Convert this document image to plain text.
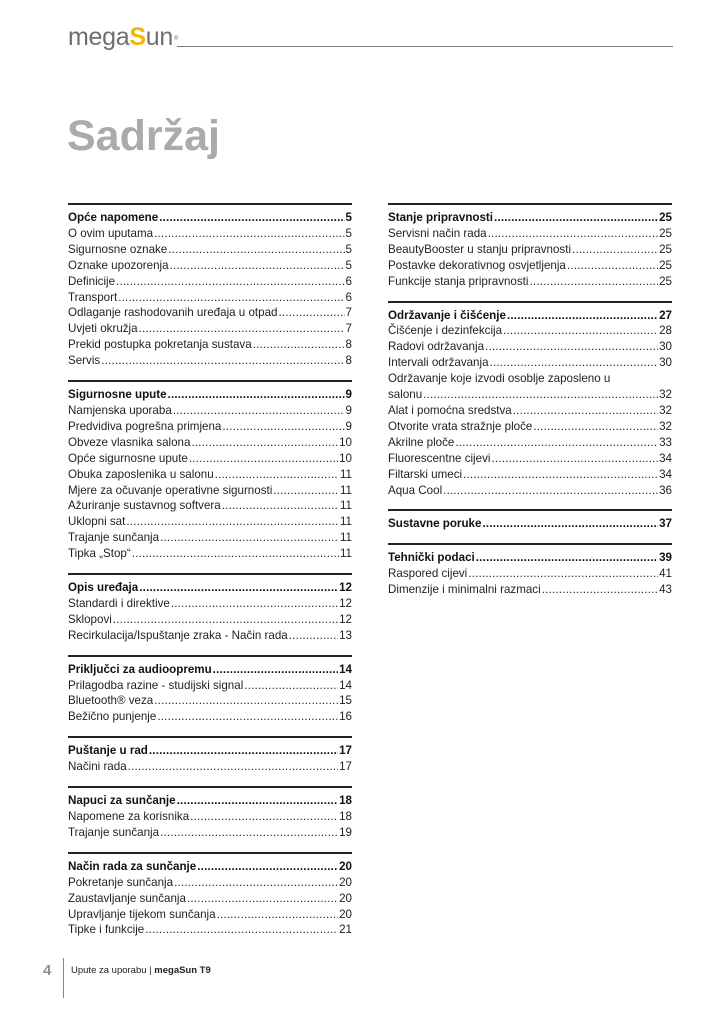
megaSun®
Sadržaj
Opće napomene .....	5
O ovim uputama .....	5
Sigurnosne oznake .....	5
Oznake upozorenja .....	5
Definicije .....	6
Transport .....	6
Odlaganje rashodovanih uređaja u otpad .....	7
Uvjeti okružja .....	7
Prekid postupka pokretanja sustava .....	8
Servis .....	8
Sigurnosne upute .....	9
Namjenska uporaba .....	9
Predvidiva pogrešna primjena .....	9
Obveze vlasnika salona .....	10
Opće sigurnosne upute .....	10
Obuka zaposlenika u salonu .....	11
Mjere za očuvanje operativne sigurnosti .....	11
Ažuriranje sustavnog softvera .....	11
Uklopni sat .....	11
Trajanje sunčanja .....	11
Tipka „Stop“ .....	11
Opis uređaja .....	12
Standardi i direktive .....	12
Sklopovi .....	12
Recirkulacija/Ispuštanje zraka - Način rada .....	13
Priključci za audioopremu .....	14
Prilagodba razine - studijski signal .....	14
Bluetooth® veza .....	15
Bežično punjenje .....	16
Puštanje u rad .....	17
Načini rada .....	17
Napuci za sunčanje .....	18
Napomene za korisnika .....	18
Trajanje sunčanja .....	19
Način rada za sunčanje .....	20
Pokretanje sunčanja .....	20
Zaustavljanje sunčanja .....	20
Upravljanje tijekom sunčanja .....	20
Tipke i funkcije .....	21
Stanje pripravnosti .....	25
Servisni način rada .....	25
BeautyBooster u stanju pripravnosti .....	25
Postavke dekorativnog osvjetljenja .....	25
Funkcije stanja pripravnosti .....	25
Održavanje i čišćenje .....	27
Čišćenje i dezinfekcija .....	28
Radovi održavanja .....	30
Intervali održavanja .....	30
Održavanje koje izvodi osoblje zaposleno u
salonu .....	32
Alat i pomoćna sredstva .....	32
Otvorite vrata stražnje ploče .....	32
Akrilne ploče .....	33
Fluorescentne cijevi .....	34
Filtarski umeci .....	34
Aqua Cool .....	36
Sustavne poruke .....	37
Tehnički podaci .....	39
Raspored cijevi .....	41
Dimenzije i minimalni razmaci .....	43
4 Upute za uporabu | megaSun T9
